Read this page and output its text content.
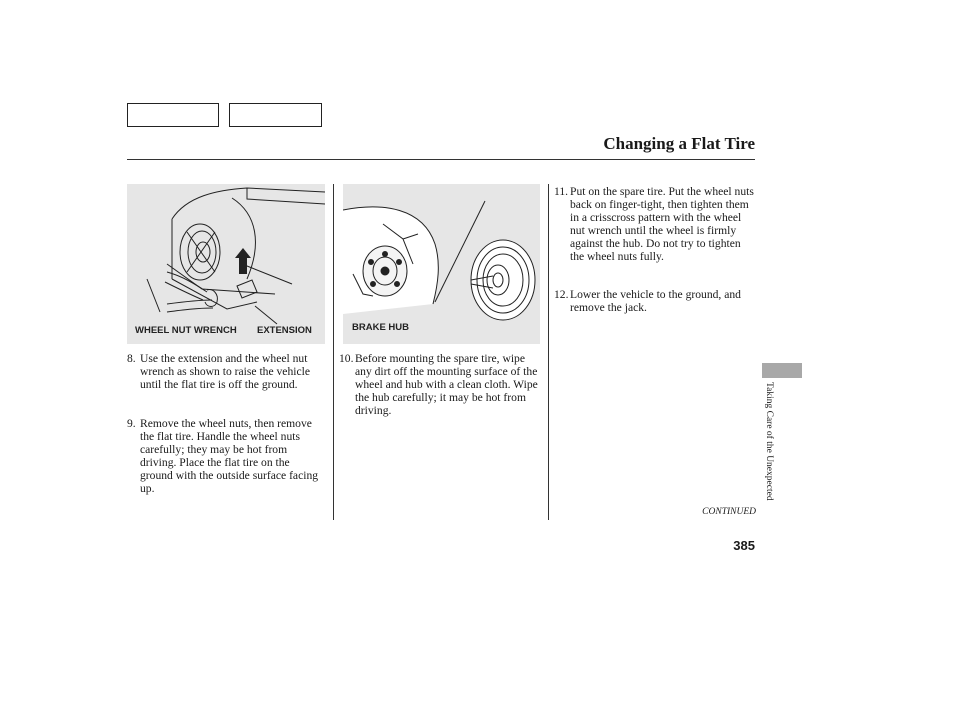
Changing a Flat Tire
WHEEL NUT WRENCH EXTENSION	BRAKE HUB
8. Use the extension and the wheel nut wrench as shown to raise the vehicle until the flat tire is off the ground.
9. Remove the wheel nuts, then remove the flat tire. Handle the wheel nuts carefully; they may be hot from driving. Place the flat tire on the ground with the outside surface facing up.
10. Before mounting the spare tire, wipe any dirt off the mounting surface of the wheel and hub with a clean cloth. Wipe the hub carefully; it may be hot from driving.
11. Put on the spare tire. Put the wheel nuts back on finger-tight, then tighten them in a crisscross pattern with the wheel nut wrench until the wheel is firmly against the hub. Do not try to tighten the wheel nuts fully.
12. Lower the vehicle to the ground, and remove the jack.
Taking Care of the Unexpected
CONTINUED
385
